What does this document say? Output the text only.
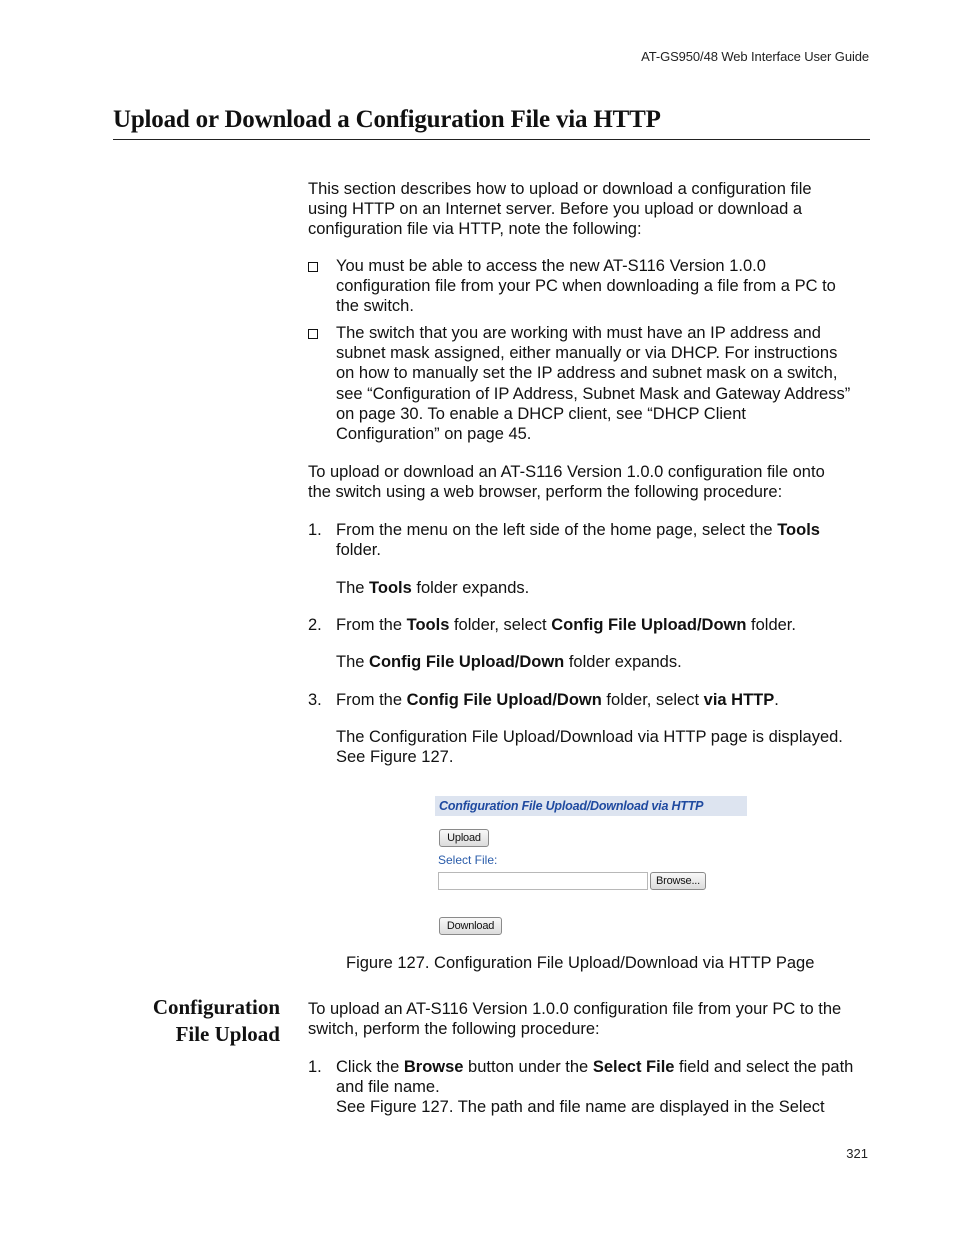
AT-GS950/48 Web Interface User Guide
Upload or Download a Configuration File via HTTP
This section describes how to upload or download a configuration file
using HTTP on an Internet server. Before you upload or download a
configuration file via HTTP, note the following:
You must be able to access the new AT-S116 Version 1.0.0
configuration file from your PC when downloading a file from a PC to
the switch.
The switch that you are working with must have an IP address and
subnet mask assigned, either manually or via DHCP. For instructions
on how to manually set the IP address and subnet mask on a switch,
see “Configuration of IP Address, Subnet Mask and Gateway Address”
on page 30. To enable a DHCP client, see “DHCP Client
Configuration” on page 45.
To upload or download an AT-S116 Version 1.0.0 configuration file onto
the switch using a web browser, perform the following procedure:
1. From the menu on the left side of the home page, select the Tools
folder.
The Tools folder expands.
2. From the Tools folder, select Config File Upload/Down folder.
The Config File Upload/Down folder expands.
3. From the Config File Upload/Down folder, select via HTTP.
The Configuration File Upload/Download via HTTP page is displayed.
See Figure 127.
Configuration File Upload/Download via HTTP
Upload
Select File:
Browse...
Download
Figure 127. Configuration File Upload/Download via HTTP Page
Configuration
File Upload
To upload an AT-S116 Version 1.0.0 configuration file from your PC to the
switch, perform the following procedure:
1. Click the Browse button under the Select File field and select the path
and file name.
See Figure 127. The path and file name are displayed in the Select
321
